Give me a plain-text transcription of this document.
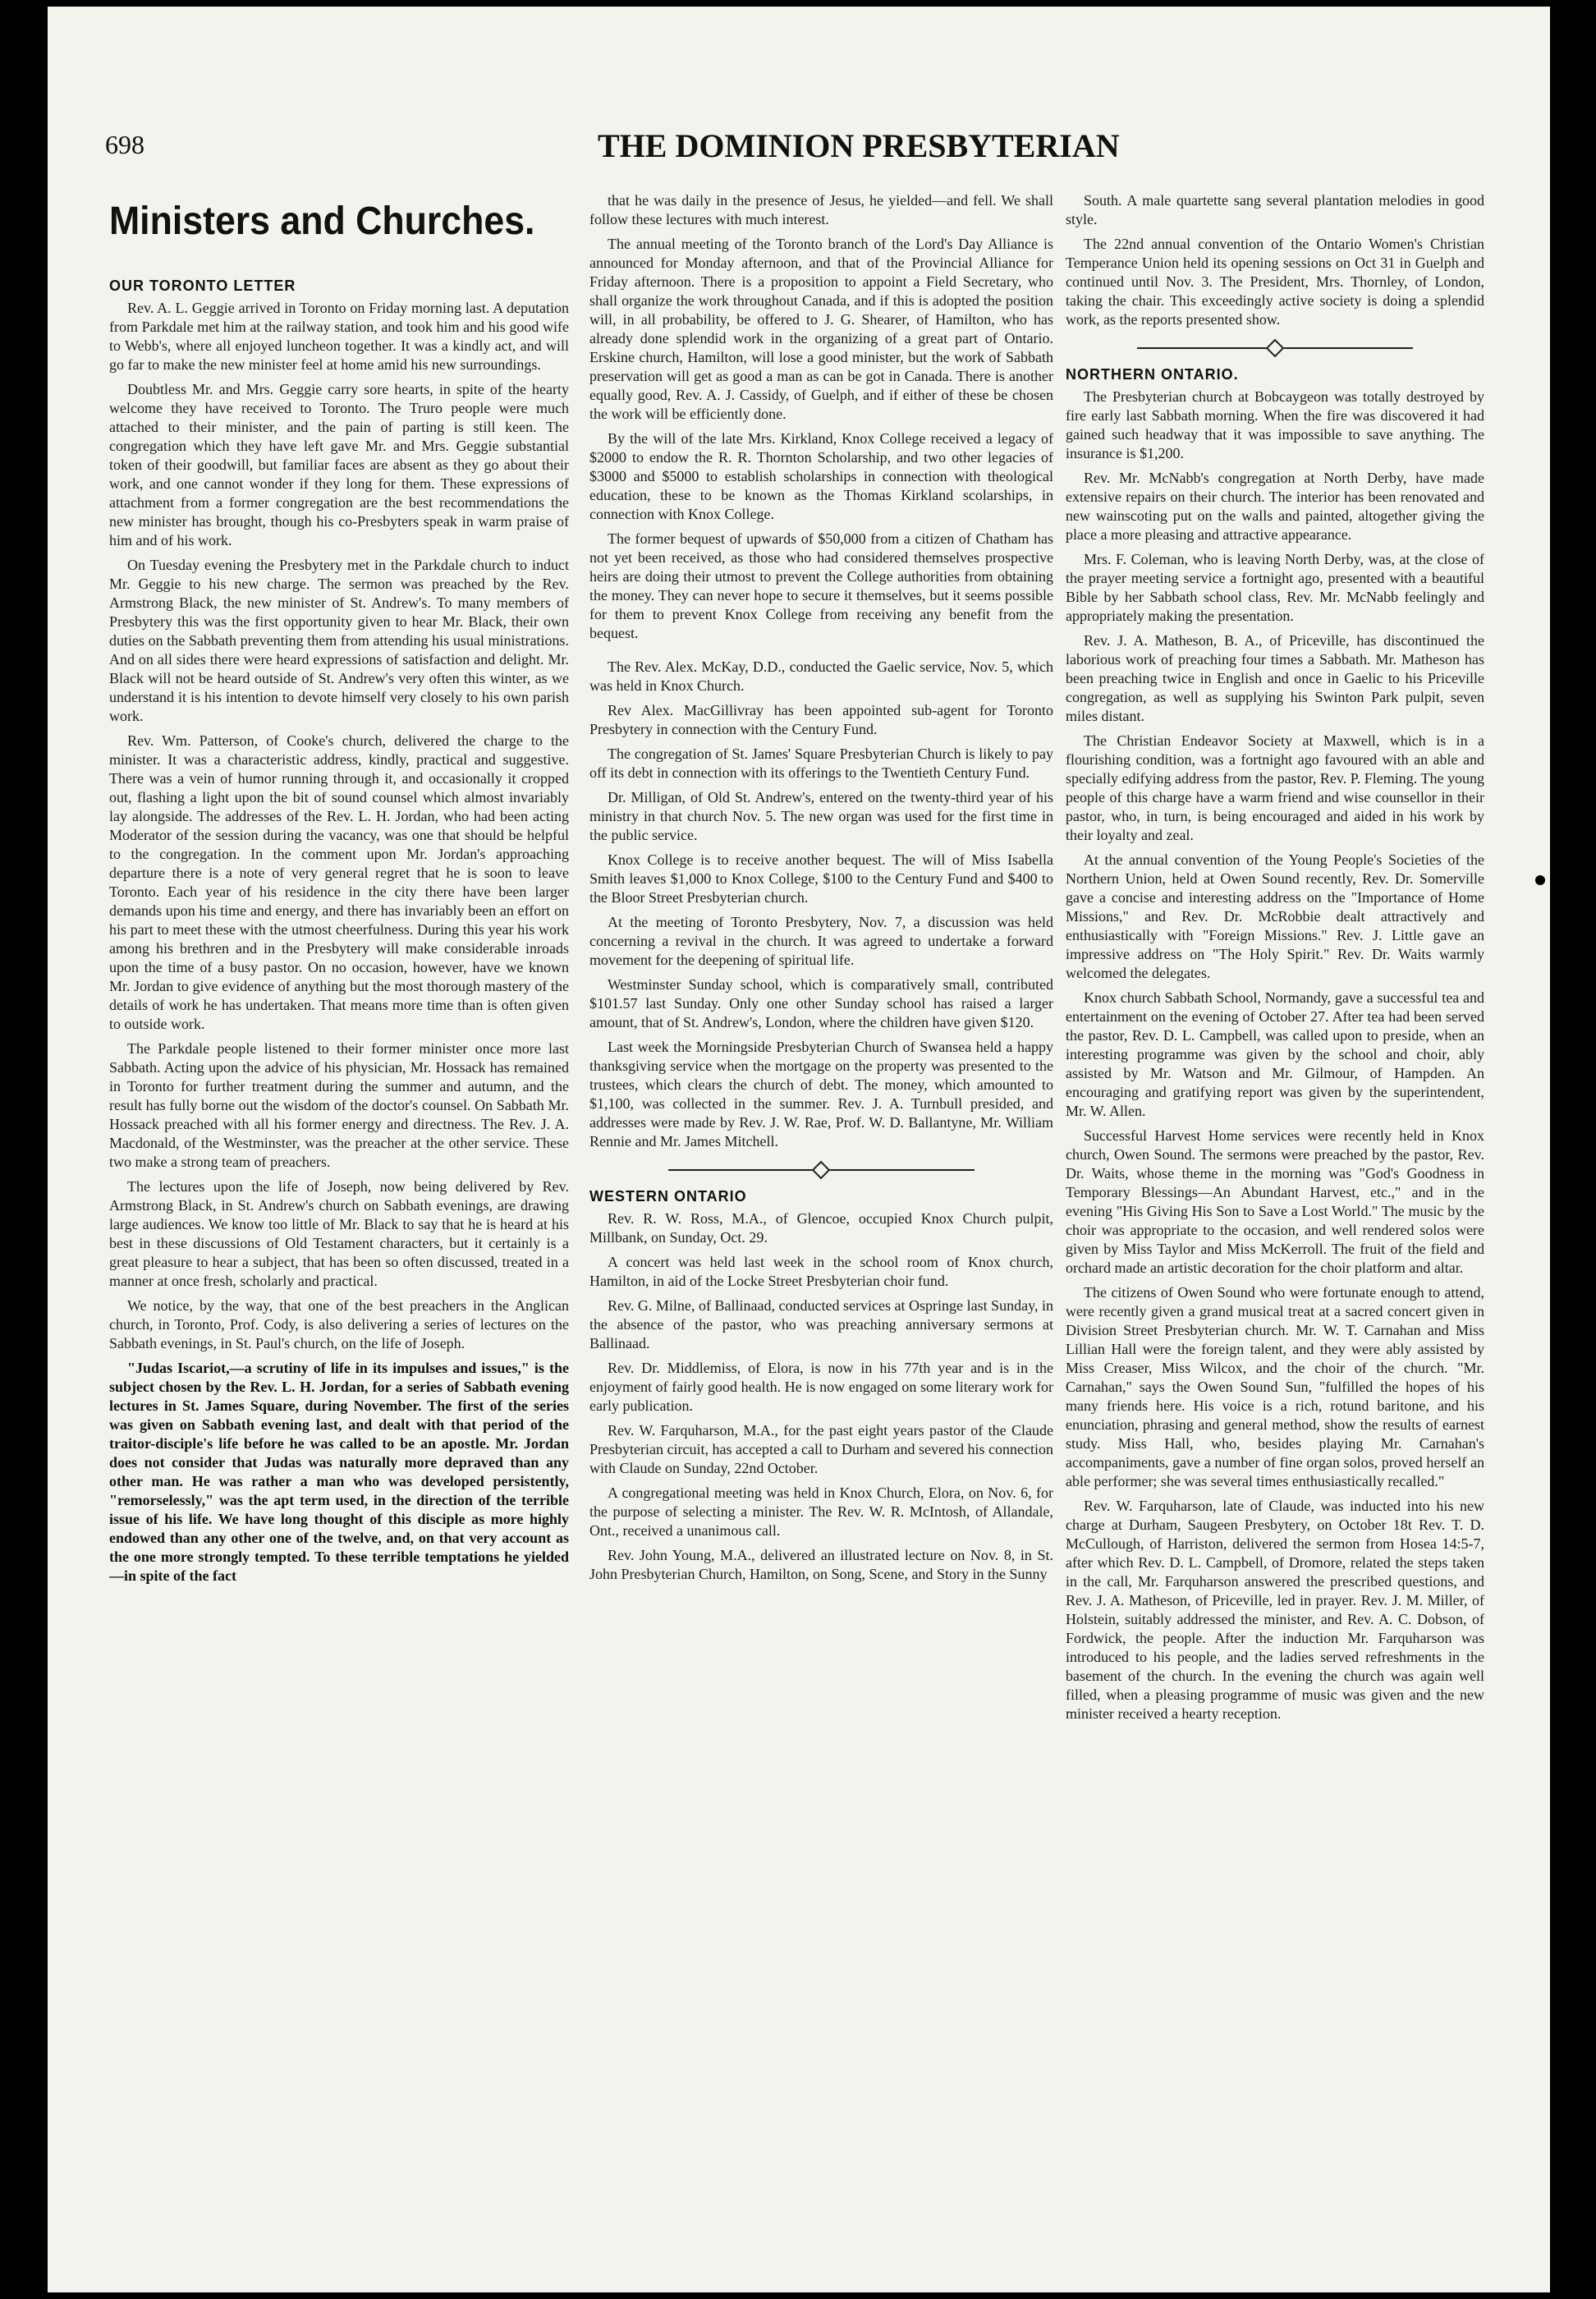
698	THE DOMINION PRESBYTERIAN
Ministers and Churches.
OUR TORONTO LETTER

Rev. A. L. Geggie arrived in Toronto on Friday morning last. A deputation from Parkdale met him at the railway station, and took him and his good wife to Webb's, where all enjoyed luncheon together. It was a kindly act, and will go far to make the new minister feel at home amid his new surroundings.

Doubtless Mr. and Mrs. Geggie carry sore hearts, in spite of the hearty welcome they have received to Toronto. The Truro people were much attached to their minister, and the pain of parting is still keen. The congregation which they have left gave Mr. and Mrs. Geggie substantial token of their goodwill, but familiar faces are absent as they go about their work, and one cannot wonder if they long for them. These expressions of attachment from a former congregation are the best recommendations the new minister has brought, though his co-Presbyters speak in warm praise of him and of his work.

On Tuesday evening the Presbytery met in the Parkdale church to induct Mr. Geggie to his new charge. The sermon was preached by the Rev. Armstrong Black, the new minister of St. Andrew's. To many members of Presbytery this was the first opportunity given to hear Mr. Black, their own duties on the Sabbath preventing them from attending his usual ministrations. And on all sides there were heard expressions of satisfaction and delight. Mr. Black will not be heard outside of St. Andrew's very often this winter, as we understand it is his intention to devote himself very closely to his own parish work.

Rev. Wm. Patterson, of Cooke's church, delivered the charge to the minister. It was a characteristic address, kindly, practical and suggestive. There was a vein of humor running through it, and occasionally it cropped out, flashing a light upon the bit of sound counsel which almost invariably lay alongside. The addresses of the Rev. L. H. Jordan, who had been acting Moderator of the session during the vacancy, was one that should be helpful to the congregation. In the comment upon Mr. Jordan's approaching departure there is a note of very general regret that he is soon to leave Toronto. Each year of his residence in the city there have been larger demands upon his time and energy, and there has invariably been an effort on his part to meet these with the utmost cheerfulness. During this year his work among his brethren and in the Presbytery will make considerable inroads upon the time of a busy pastor. On no occasion, however, have we known Mr. Jordan to give evidence of anything but the most thorough mastery of the details of work he has undertaken. That means more time than is often given to outside work.

The Parkdale people listened to their former minister once more last Sabbath. Acting upon the advice of his physician, Mr. Hossack has remained in Toronto for further treatment during the summer and autumn, and the result has fully borne out the wisdom of the doctor's counsel. On Sabbath Mr. Hossack preached with all his former energy and directness. The Rev. J. A. Macdonald, of the Westminster, was the preacher at the other service. These two make a strong team of preachers.

The lectures upon the life of Joseph, now being delivered by Rev. Armstrong Black, in St. Andrew's church on Sabbath evenings, are drawing large audiences. We know too little of Mr. Black to say that he is heard at his best in these discussions of Old Testament characters, but it certainly is a great pleasure to hear a subject, that has been so often discussed, treated in a manner at once fresh, scholarly and practical.

We notice, by the way, that one of the best preachers in the Anglican church, in Toronto, Prof. Cody, is also delivering a series of lectures on the Sabbath evenings, in St. Paul's church, on the life of Joseph.

"Judas Iscariot,—a scrutiny of life in its impulses and issues," is the subject chosen by the Rev. L. H. Jordan, for a series of Sabbath evening lectures in St. James Square, during November. The first of the series was given on Sabbath evening last, and dealt with that period of the traitor-disciple's life before he was called to be an apostle. Mr. Jordan does not consider that Judas was naturally more depraved than any other man. He was rather a man who was developed persistently, "remorselessly," was the apt term used, in the direction of the terrible issue of his life. We have long thought of this disciple as more highly endowed than any other one of the twelve, and, on that very account as the one more strongly tempted. To these terrible temptations he yielded—in spite of the fact

that he was daily in the presence of Jesus, he yielded—and fell. We shall follow these lectures with much interest.

The annual meeting of the Toronto branch of the Lord's Day Alliance is announced for Monday afternoon, and that of the Provincial Alliance for Friday afternoon. There is a proposition to appoint a Field Secretary, who shall organize the work throughout Canada, and if this is adopted the position will, in all probability, be offered to J. G. Shearer, of Hamilton, who has already done splendid work in the organizing of a great part of Ontario. Erskine church, Hamilton, will lose a good minister, but the work of Sabbath preservation will get as good a man as can be got in Canada. There is another equally good, Rev. A. J. Cassidy, of Guelph, and if either of these be chosen the work will be efficiently done.

By the will of the late Mrs. Kirkland, Knox College received a legacy of $2000 to endow the R. R. Thornton Scholarship, and two other legacies of $3000 and $5000 to establish scholarships in connection with theological education, these to be known as the Thomas Kirkland scolarships, in connection with Knox College.

The former bequest of upwards of $50,000 from a citizen of Chatham has not yet been received, as those who had considered themselves prospective heirs are doing their utmost to prevent the College authorities from obtaining the money. They can never hope to secure it themselves, but it seems possible for them to prevent Knox College from receiving any benefit from the bequest.

The Rev. Alex. McKay, D.D., conducted the Gaelic service, Nov. 5, which was held in Knox Church.

Rev Alex. MacGillivray has been appointed sub-agent for Toronto Presbytery in connection with the Century Fund.

The congregation of St. James' Square Presbyterian Church is likely to pay off its debt in connection with its offerings to the Twentieth Century Fund.

Dr. Milligan, of Old St. Andrew's, entered on the twenty-third year of his ministry in that church Nov. 5. The new organ was used for the first time in the public service.

Knox College is to receive another bequest. The will of Miss Isabella Smith leaves $1,000 to Knox College, $100 to the Century Fund and $400 to the Bloor Street Presbyterian church.

At the meeting of Toronto Presbytery, Nov. 7, a discussion was held concerning a revival in the church. It was agreed to undertake a forward movement for the deepening of spiritual life.

Westminster Sunday school, which is comparatively small, contributed $101.57 last Sunday. Only one other Sunday school has raised a larger amount, that of St. Andrew's, London, where the children have given $120.

Last week the Morningside Presbyterian Church of Swansea held a happy thanksgiving service when the mortgage on the property was presented to the trustees, which clears the church of debt. The money, which amounted to $1,100, was collected in the summer. Rev. J. A. Turnbull presided, and addresses were made by Rev. J. W. Rae, Prof. W. D. Ballantyne, Mr. William Rennie and Mr. James Mitchell.

WESTERN ONTARIO

Rev. R. W. Ross, M.A., of Glencoe, occupied Knox Church pulpit, Millbank, on Sunday, Oct. 29.

A concert was held last week in the school room of Knox church, Hamilton, in aid of the Locke Street Presbyterian choir fund.

Rev. G. Milne, of Ballinaad, conducted services at Ospringe last Sunday, in the absence of the pastor, who was preaching anniversary sermons at Ballinaad.

Rev. Dr. Middlemiss, of Elora, is now in his 77th year and is in the enjoyment of fairly good health. He is now engaged on some literary work for early publication.

Rev. W. Farquharson, M.A., for the past eight years pastor of the Claude Presbyterian circuit, has accepted a call to Durham and severed his connection with Claude on Sunday, 22nd October.

A congregational meeting was held in Knox Church, Elora, on Nov. 6, for the purpose of selecting a minister. The Rev. W. R. McIntosh, of Allandale, Ont., received a unanimous call.

Rev. John Young, M.A., delivered an illustrated lecture on Nov. 8, in St. John Presbyterian Church, Hamilton, on Song, Scene, and Story in the Sunny

South. A male quartette sang several plantation melodies in good style.

The 22nd annual convention of the Ontario Women's Christian Temperance Union held its opening sessions on Oct 31 in Guelph and continued until Nov. 3. The President, Mrs. Thornley, of London, taking the chair. This exceedingly active society is doing a splendid work, as the reports presented show.

NORTHERN ONTARIO.

The Presbyterian church at Bobcaygeon was totally destroyed by fire early last Sabbath morning. When the fire was discovered it had gained such headway that it was impossible to save anything. The insurance is $1,200.

Rev. Mr. McNabb's congregation at North Derby, have made extensive repairs on their church. The interior has been renovated and new wainscoting put on the walls and painted, altogether giving the place a more pleasing and attractive appearance.

Mrs. F. Coleman, who is leaving North Derby, was, at the close of the prayer meeting service a fortnight ago, presented with a beautiful Bible by her Sabbath school class, Rev. Mr. McNabb feelingly and appropriately making the presentation.

Rev. J. A. Matheson, B. A., of Priceville, has discontinued the laborious work of preaching four times a Sabbath. Mr. Matheson has been preaching twice in English and once in Gaelic to his Priceville congregation, as well as supplying his Swinton Park pulpit, seven miles distant.

The Christian Endeavor Society at Maxwell, which is in a flourishing condition, was a fortnight ago favoured with an able and specially edifying address from the pastor, Rev. P. Fleming. The young people of this charge have a warm friend and wise counsellor in their pastor, who, in turn, is being encouraged and aided in his work by their loyalty and zeal.

At the annual convention of the Young People's Societies of the Northern Union, held at Owen Sound recently, Rev. Dr. Somerville gave a concise and interesting address on the "Importance of Home Missions," and Rev. Dr. McRobbie dealt attractively and enthusiastically with "Foreign Missions." Rev. J. Little gave an impressive address on "The Holy Spirit." Rev. Dr. Waits warmly welcomed the delegates.

Knox church Sabbath School, Normandy, gave a successful tea and entertainment on the evening of October 27. After tea had been served the pastor, Rev. D. L. Campbell, was called upon to preside, when an interesting programme was given by the school and choir, ably assisted by Mr. Watson and Mr. Gilmour, of Hampden. An encouraging and gratifying report was given by the superintendent, Mr. W. Allen.

Successful Harvest Home services were recently held in Knox church, Owen Sound. The sermons were preached by the pastor, Rev. Dr. Waits, whose theme in the morning was "God's Goodness in Temporary Blessings—An Abundant Harvest, etc.," and in the evening "His Giving His Son to Save a Lost World." The music by the choir was appropriate to the occasion, and well rendered solos were given by Miss Taylor and Miss McKerroll. The fruit of the field and orchard made an artistic decoration for the choir platform and altar.

The citizens of Owen Sound who were fortunate enough to attend, were recently given a grand musical treat at a sacred concert given in Division Street Presbyterian church. Mr. W. T. Carnahan and Miss Lillian Hall were the foreign talent, and they were ably assisted by Miss Creaser, Miss Wilcox, and the choir of the church. "Mr. Carnahan," says the Owen Sound Sun, "fulfilled the hopes of his many friends here. His voice is a rich, rotund baritone, and his enunciation, phrasing and general method, show the results of earnest study. Miss Hall, who, besides playing Mr. Carnahan's accompaniments, gave a number of fine organ solos, proved herself an able performer; she was several times enthusiastically recalled."

Rev. W. Farquharson, late of Claude, was inducted into his new charge at Durham, Saugeen Presbytery, on October 18t Rev. T. D. McCullough, of Harriston, delivered the sermon from Hosea 14:5-7, after which Rev. D. L. Campbell, of Dromore, related the steps taken in the call, Mr. Farquharson answered the prescribed questions, and Rev. J. A. Matheson, of Priceville, led in prayer. Rev. J. M. Miller, of Holstein, suitably addressed the minister, and Rev. A. C. Dobson, of Fordwick, the people. After the induction Mr. Farquharson was introduced to his people, and the ladies served refreshments in the basement of the church. In the evening the church was again well filled, when a pleasing programme of music was given and the new minister received a hearty reception.
